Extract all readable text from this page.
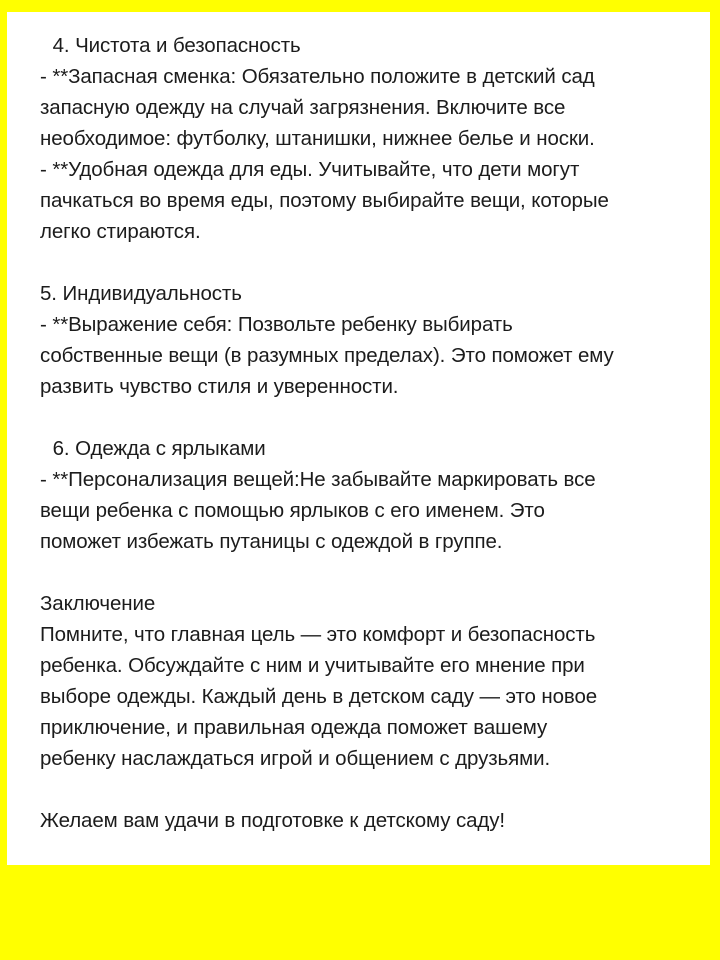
4. Чистота и безопасность
- **Запасная сменка: Обязательно положите в детский сад
запасную одежду на случай загрязнения. Включите все
необходимое: футболку, штанишки, нижнее белье и носки.
- **Удобная одежда для еды. Учитывайте, что дети могут
пачкаться во время еды, поэтому выбирайте вещи, которые
легко стираются.

5. Индивидуальность
- **Выражение себя: Позвольте ребенку выбирать
собственные вещи (в разумных пределах). Это поможет ему
развить чувство стиля и уверенности.

6. Одежда с ярлыками
- **Персонализация вещей:Не забывайте маркировать все
вещи ребенка с помощью ярлыков с его именем. Это
поможет избежать путаницы с одеждой в группе.

Заключение
Помните, что главная цель — это комфорт и безопасность
ребенка. Обсуждайте с ним и учитывайте его мнение при
выборе одежды. Каждый день в детском саду — это новое
приключение, и правильная одежда поможет вашему
ребенку наслаждаться игрой и общением с друзьями.

Желаем вам удачи в подготовке к детскому саду!
